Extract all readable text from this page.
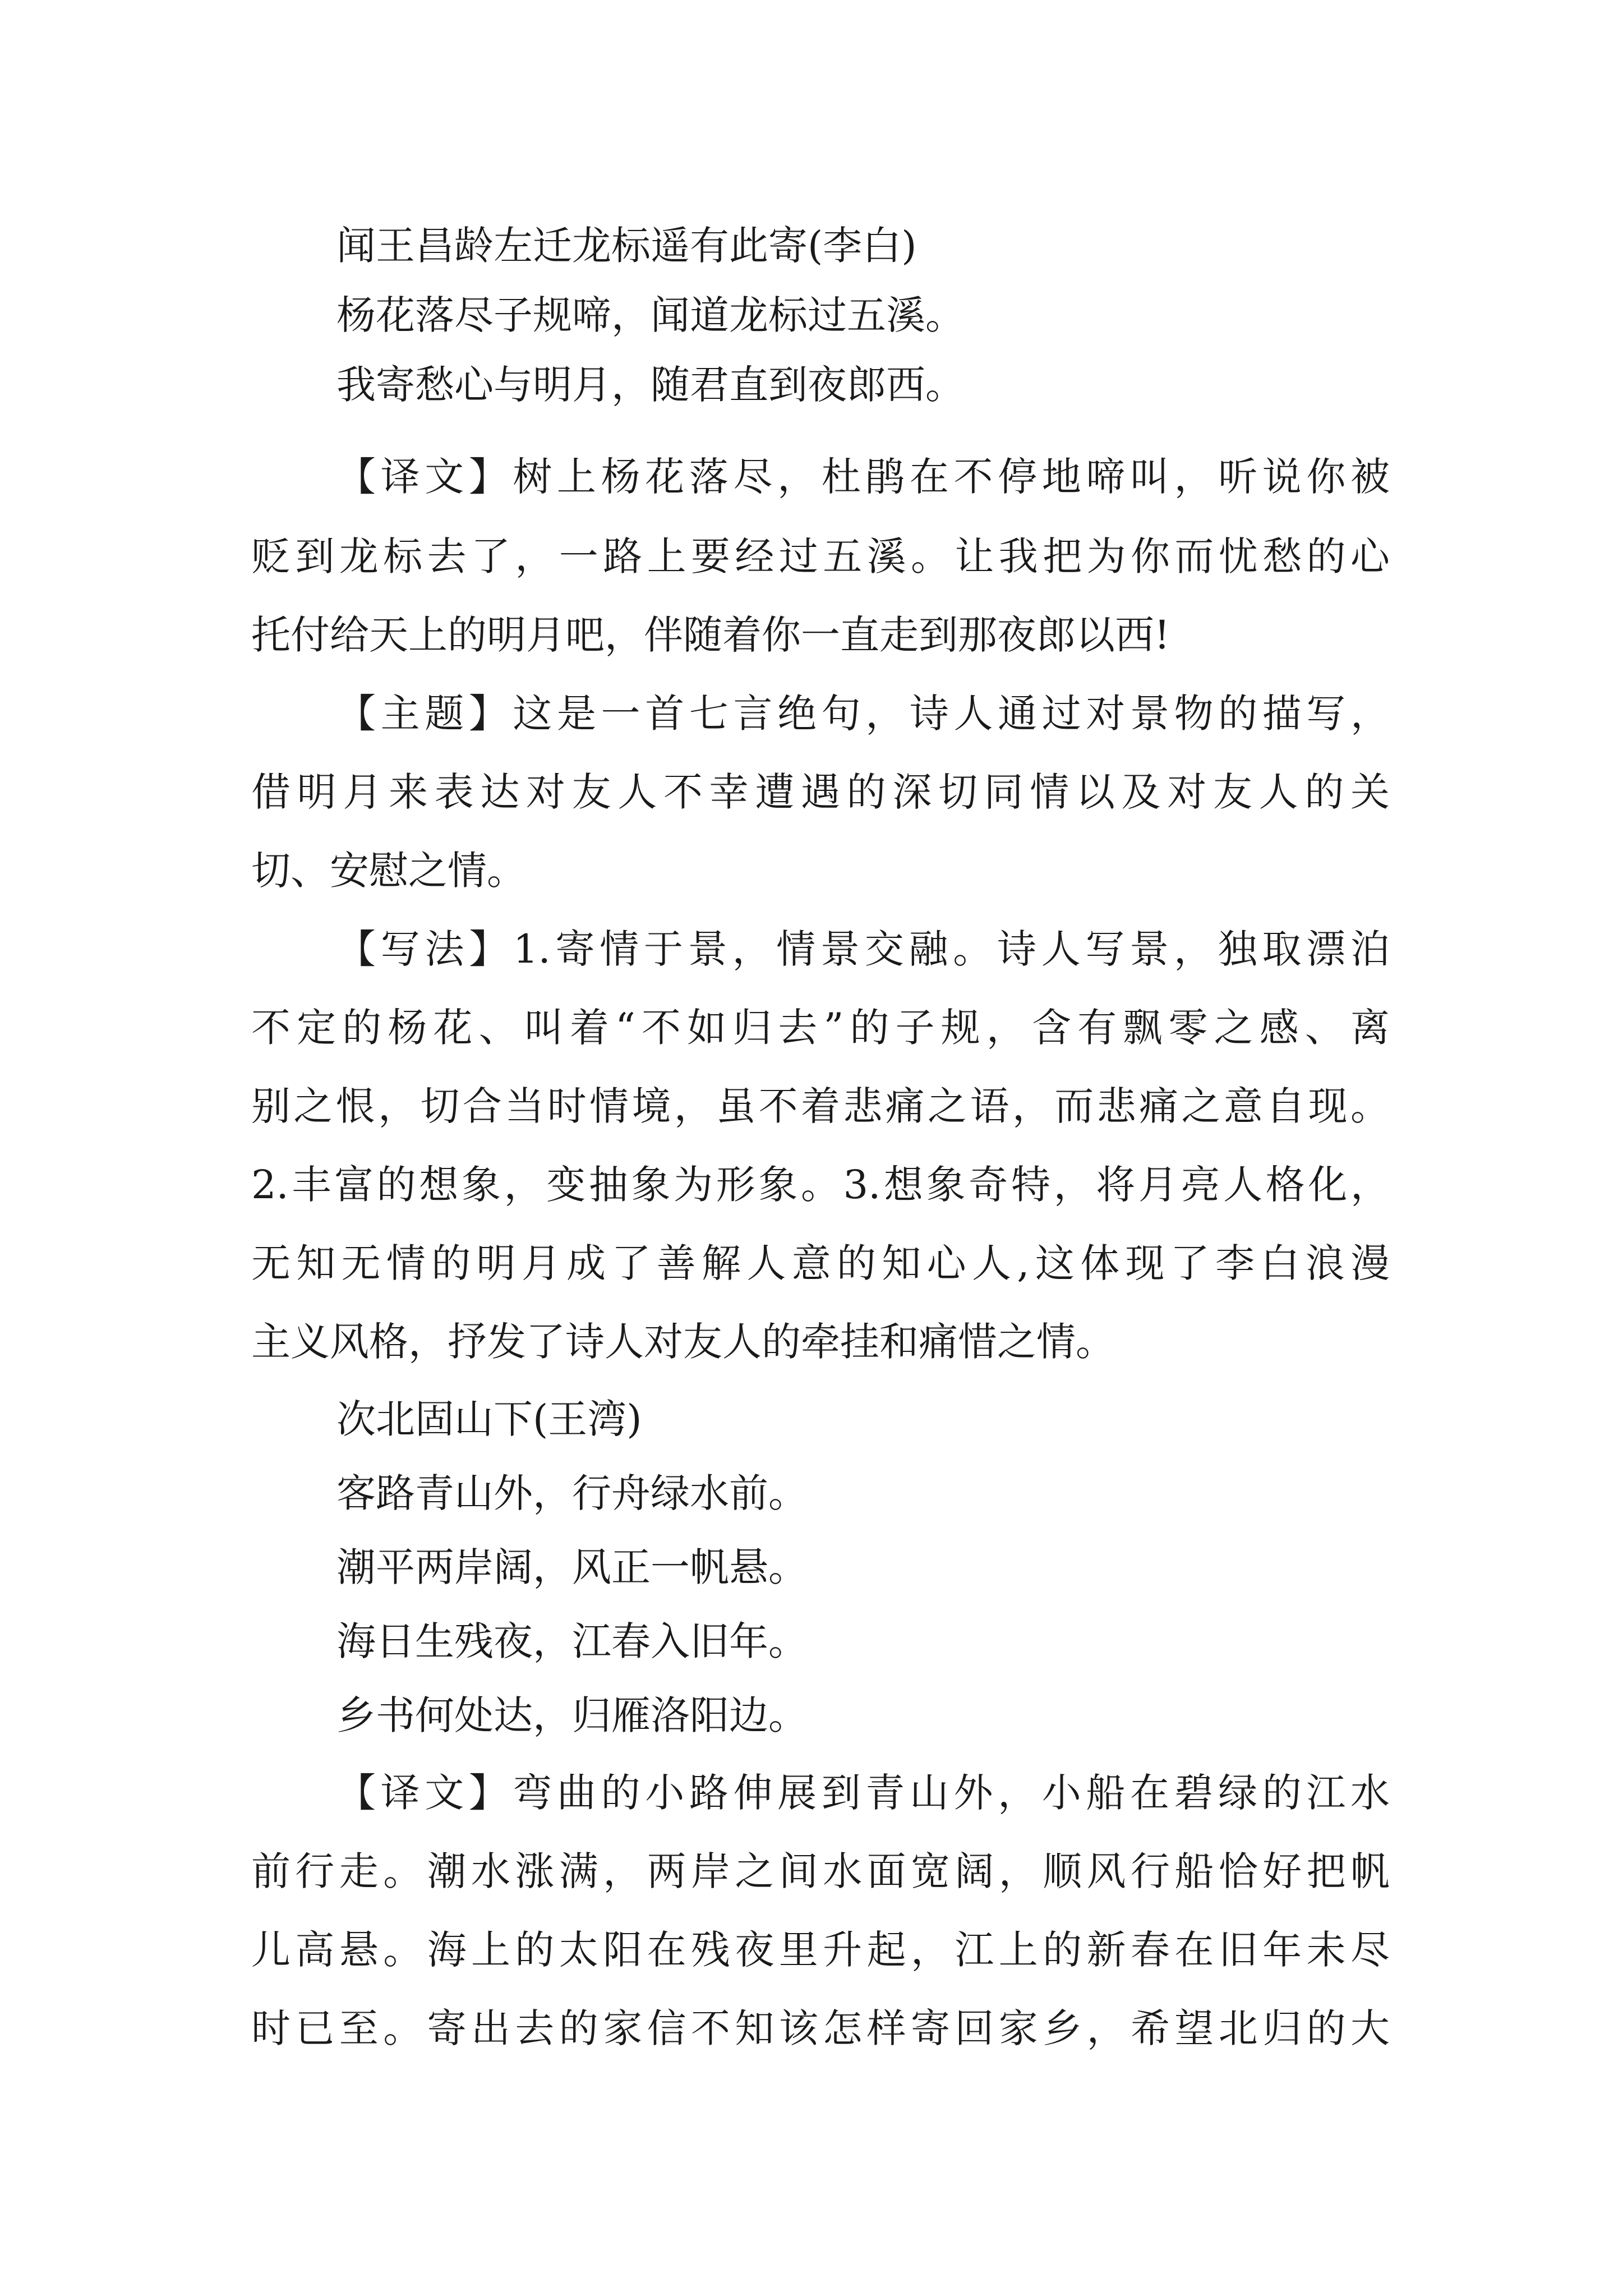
闻王昌龄左迁龙标遥有此寄(李白)
杨花落尽子规啼，闻道龙标过五溪。
我寄愁心与明月，随君直到夜郎西。
【译文】树上杨花落尽，杜鹃在不停地啼叫，听说你被
贬到龙标去了，一路上要经过五溪。让我把为你而忧愁的心
托付给天上的明月吧，伴随着你一直走到那夜郎以西!
【主题】这是一首七言绝句，诗人通过对景物的描写，
借明月来表达对友人不幸遭遇的深切同情以及对友人的关
切、安慰之情。
【写法】1.寄情于景，情景交融。诗人写景，独取漂泊
不定的杨花、叫着“不如归去”的子规，含有飘零之感、离
别之恨，切合当时情境，虽不着悲痛之语，而悲痛之意自现。
2.丰富的想象，变抽象为形象。3.想象奇特，将月亮人格化，
无知无情的明月成了善解人意的知心人,这体现了李白浪漫
主义风格，抒发了诗人对友人的牵挂和痛惜之情。
次北固山下(王湾)
客路青山外，行舟绿水前。
潮平两岸阔，风正一帆悬。
海日生残夜，江春入旧年。
乡书何处达，归雁洛阳边。
【译文】弯曲的小路伸展到青山外，小船在碧绿的江水
前行走。潮水涨满，两岸之间水面宽阔，顺风行船恰好把帆
儿高悬。海上的太阳在残夜里升起，江上的新春在旧年未尽
时已至。寄出去的家信不知该怎样寄回家乡，希望北归的大
